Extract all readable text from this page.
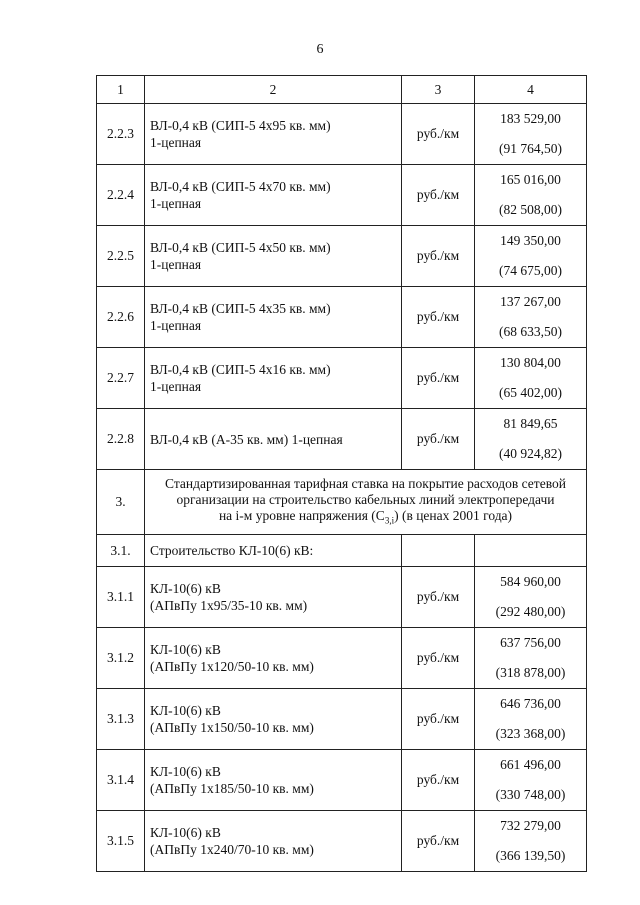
6
1	2	3	4
2.2.3	ВЛ-0,4 кВ (СИП-5 4х95 кв. мм)
1-цепная	руб./км	183 529,00
(91 764,50)

2.2.4	ВЛ-0,4 кВ (СИП-5 4х70 кв. мм)
1-цепная	руб./км	165 016,00
(82 508,00)

2.2.5	ВЛ-0,4 кВ (СИП-5 4х50 кв. мм)
1-цепная	руб./км	149 350,00
(74 675,00)

2.2.6	ВЛ-0,4 кВ (СИП-5 4х35 кв. мм)
1-цепная	руб./км	137 267,00
(68 633,50)

2.2.7	ВЛ-0,4 кВ (СИП-5 4х16 кв. мм)
1-цепная	руб./км	130 804,00
(65 402,00)

2.2.8	ВЛ-0,4 кВ (А-35 кв. мм) 1-цепная	руб./км	81 849,65
(40 924,82)

3.	Стандартизированная тарифная ставка на покрытие расходов сетевой
организации на строительство кабельных линий электропередачи
на i-м уровне напряжения $(C_{3,i})$ (в ценах 2001 года)		

3.1.	Строительство КЛ-10(6) кВ:		
3.1.1	КЛ-10(6) кВ
(АПвПу 1х95/35-10 кв. мм)	руб./км	584 960,00
(292 480,00)

3.1.2	КЛ-10(6) кВ
(АПвПу 1х120/50-10 кв. мм)	руб./км	637 756,00
(318 878,00)

3.1.3	КЛ-10(6) кВ
(АПвПу 1х150/50-10 кв. мм)	руб./км	646 736,00
(323 368,00)

3.1.4	КЛ-10(6) кВ
(АПвПу 1х185/50-10 кв. мм)	руб./км	661 496,00
(330 748,00)

3.1.5	КЛ-10(6) кВ
(АПвПу 1х240/70-10 кв. мм)	руб./км	732 279,00
(366 139,50)
